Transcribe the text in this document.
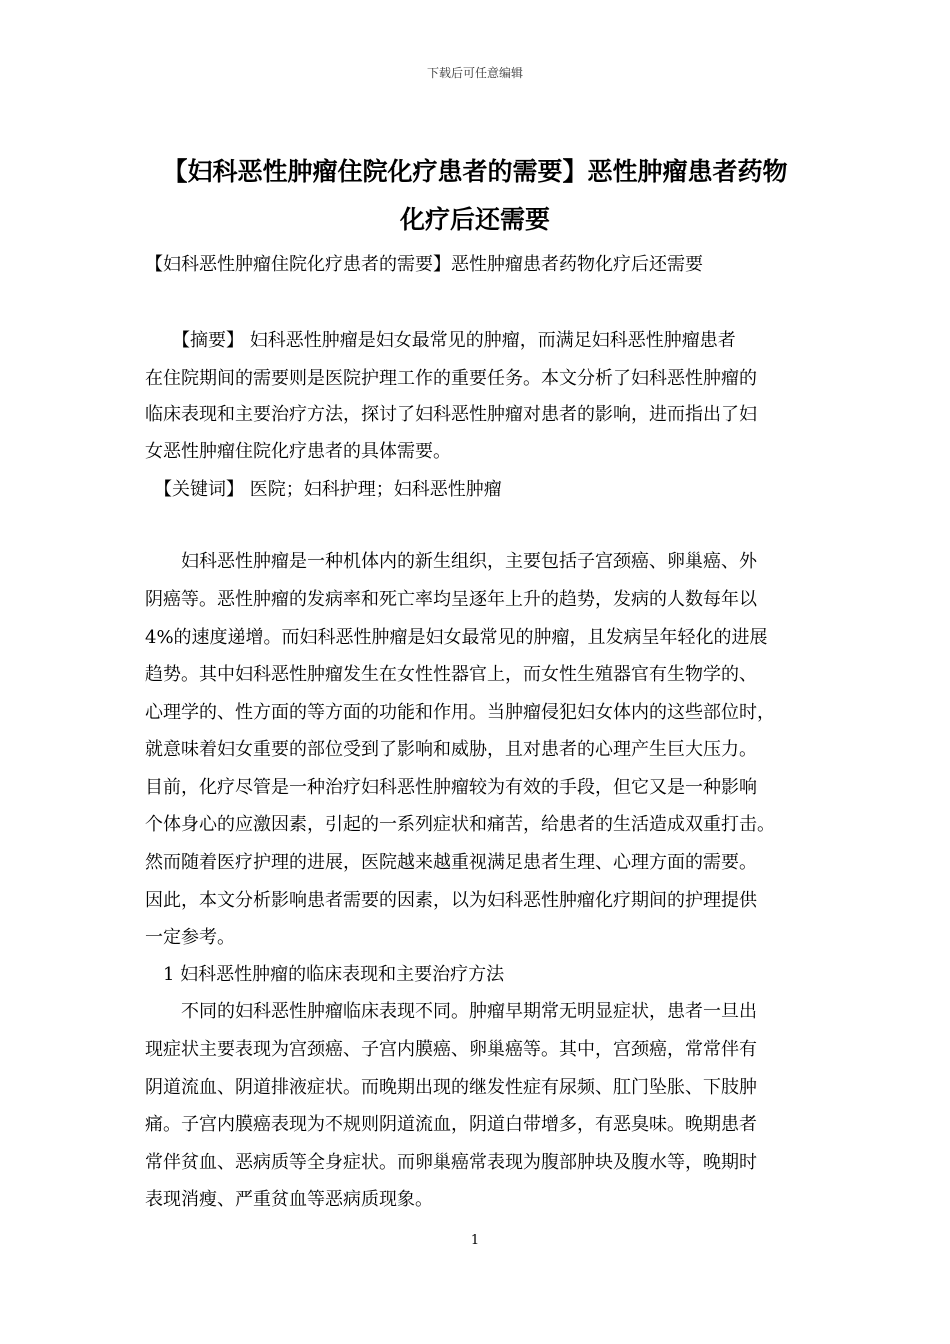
下载后可任意编辑
【妇科恶性肿瘤住院化疗患者的需要】恶性肿瘤患者药物
化疗后还需要
【妇科恶性肿瘤住院化疗患者的需要】恶性肿瘤患者药物化疗后还需要
　　【摘要】 妇科恶性肿瘤是妇女最常见的肿瘤，而满足妇科恶性肿瘤患者
在住院期间的需要则是医院护理工作的重要任务。本文分析了妇科恶性肿瘤的
临床表现和主要治疗方法，探讨了妇科恶性肿瘤对患者的影响，进而指出了妇
女恶性肿瘤住院化疗患者的具体需要。
　【关键词】 医院；妇科护理；妇科恶性肿瘤
　　妇科恶性肿瘤是一种机体内的新生组织，主要包括子宫颈癌、卵巢癌、外
阴癌等。恶性肿瘤的发病率和死亡率均呈逐年上升的趋势，发病的人数每年以
4%的速度递增。而妇科恶性肿瘤是妇女最常见的肿瘤，且发病呈年轻化的进展
趋势。其中妇科恶性肿瘤发生在女性性器官上，而女性生殖器官有生物学的、
心理学的、性方面的等方面的功能和作用。当肿瘤侵犯妇女体内的这些部位时，
就意味着妇女重要的部位受到了影响和威胁，且对患者的心理产生巨大压力。
目前，化疗尽管是一种治疗妇科恶性肿瘤较为有效的手段，但它又是一种影响
个体身心的应激因素，引起的一系列症状和痛苦，给患者的生活造成双重打击。
然而随着医疗护理的进展，医院越来越重视满足患者生理、心理方面的需要。
因此，本文分析影响患者需要的因素，以为妇科恶性肿瘤化疗期间的护理提供
一定参考。
　1 妇科恶性肿瘤的临床表现和主要治疗方法
　　不同的妇科恶性肿瘤临床表现不同。肿瘤早期常无明显症状，患者一旦出
现症状主要表现为宫颈癌、子宫内膜癌、卵巢癌等。其中，宫颈癌，常常伴有
阴道流血、阴道排液症状。而晚期出现的继发性症有尿频、肛门坠胀、下肢肿
痛。子宫内膜癌表现为不规则阴道流血，阴道白带增多，有恶臭味。晚期患者
常伴贫血、恶病质等全身症状。而卵巢癌常表现为腹部肿块及腹水等，晚期时
表现消瘦、严重贫血等恶病质现象。
1
